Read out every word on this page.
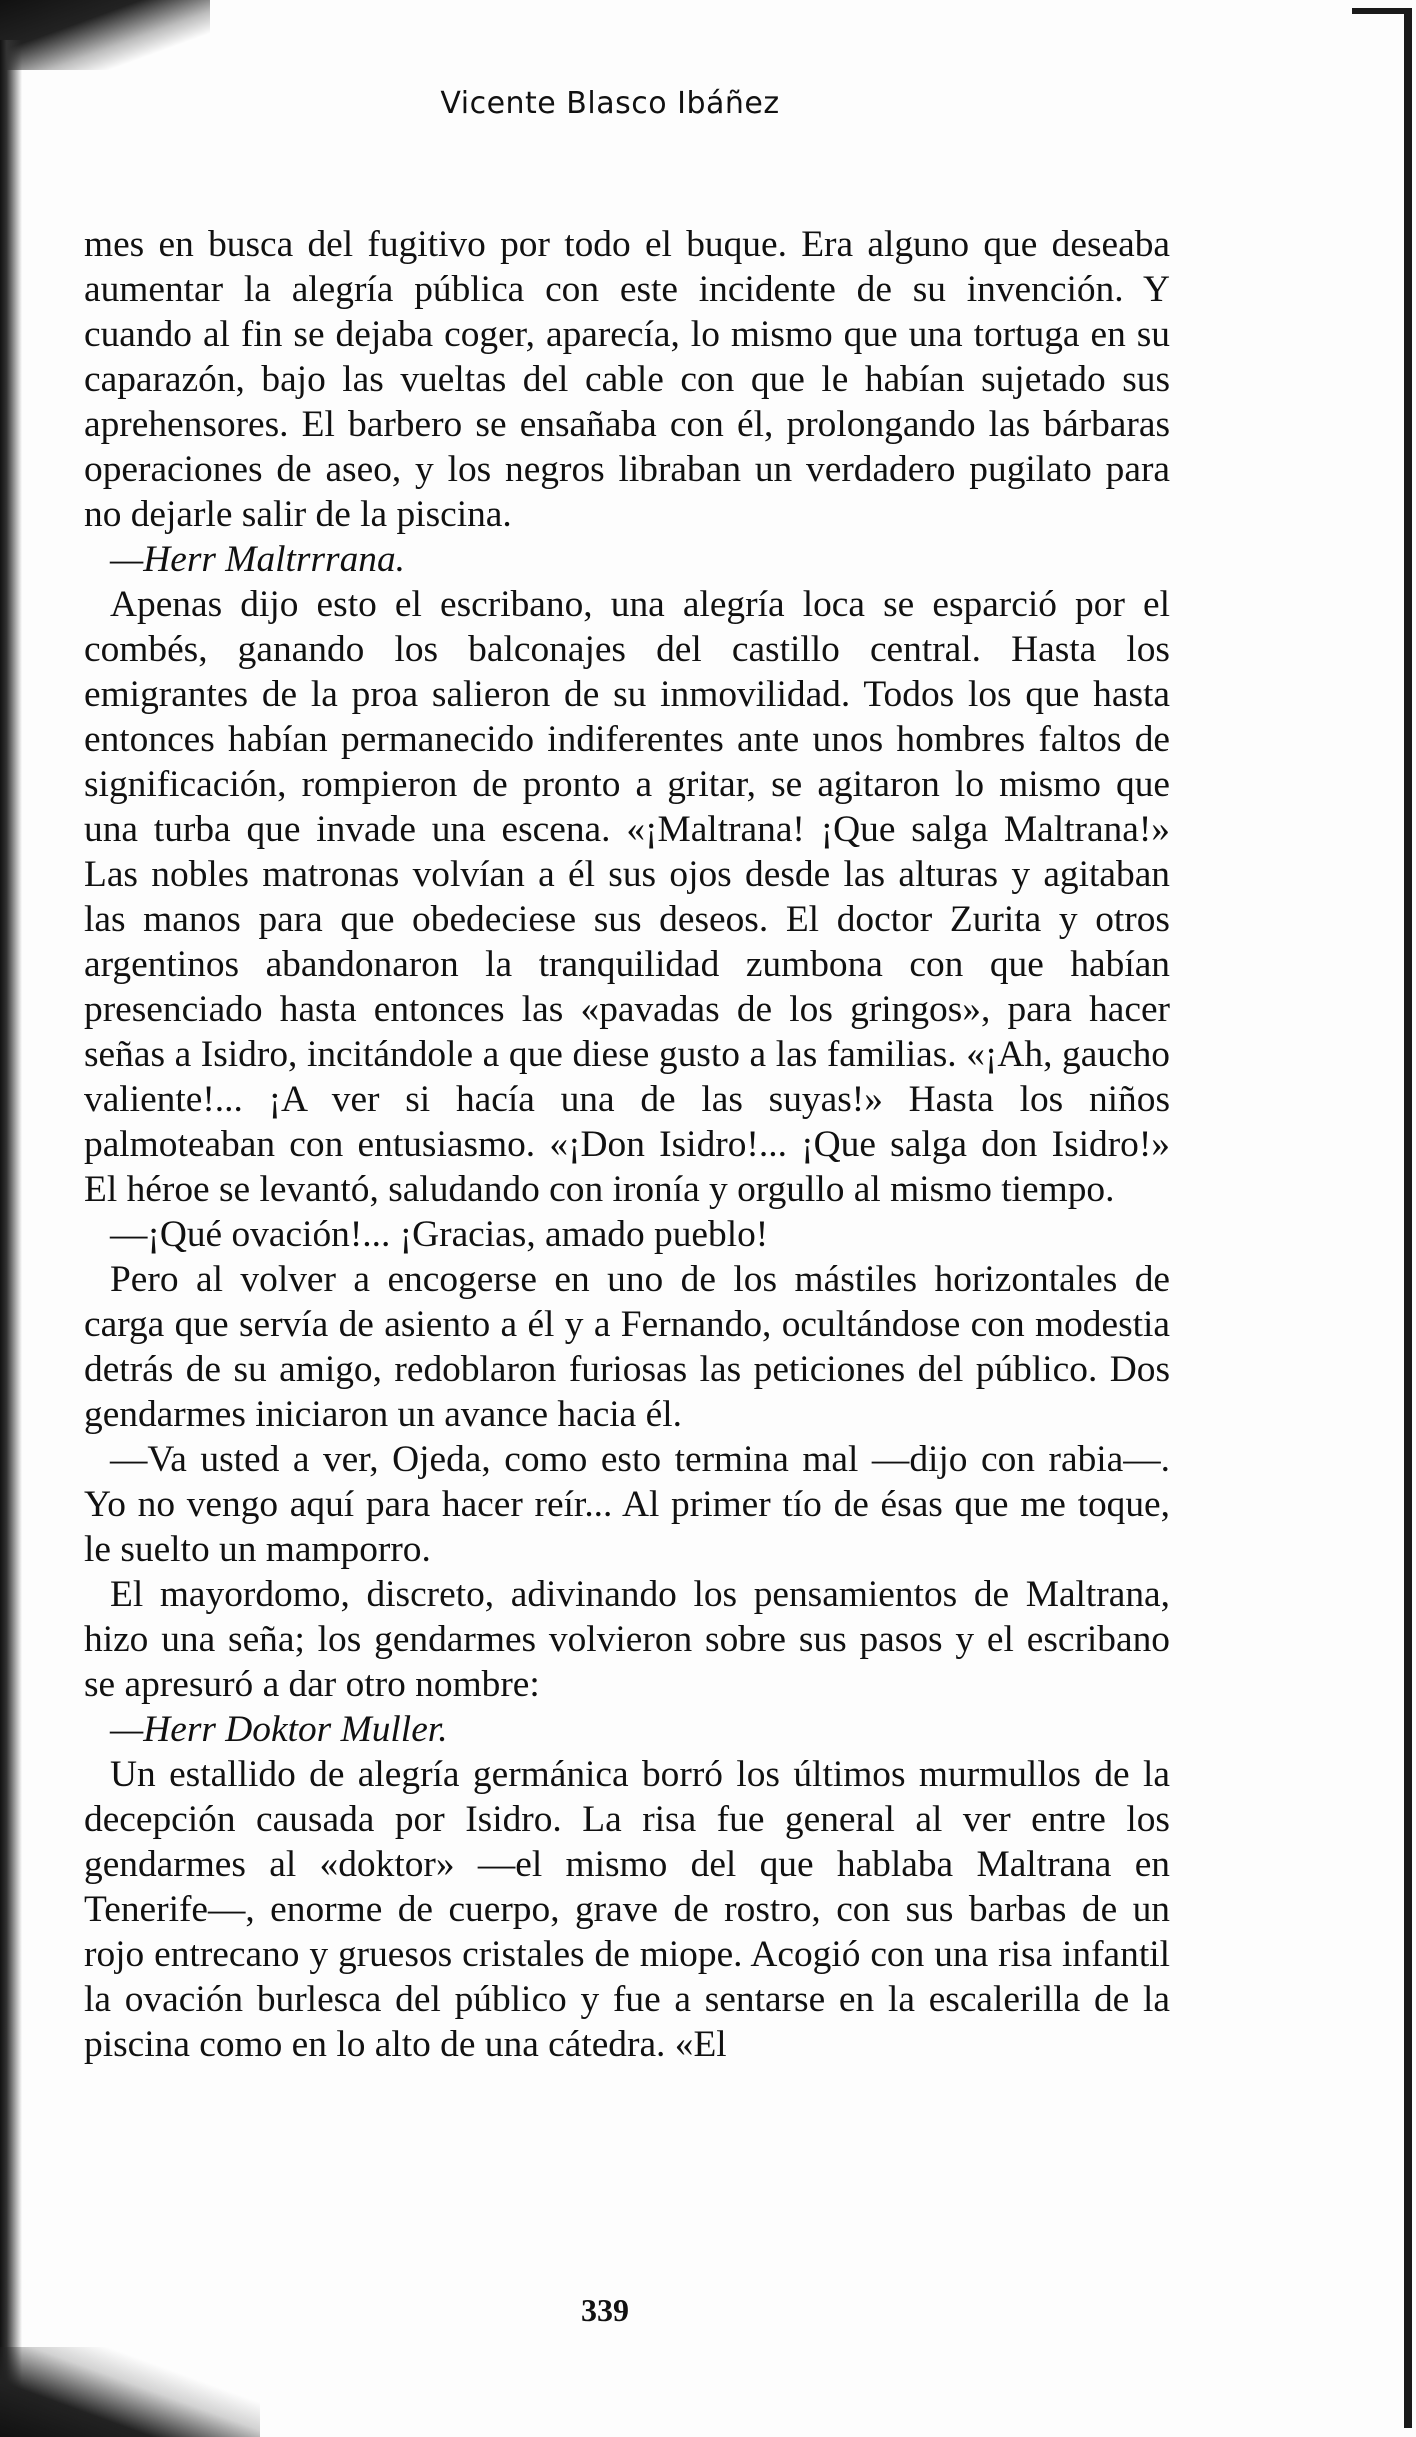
Vicente Blasco Ibáñez

mes en busca del fugitivo por todo el buque. Era alguno que deseaba aumentar la alegría pública con este incidente de su invención. Y cuando al fin se dejaba coger, aparecía, lo mismo que una tortuga en su caparazón, bajo las vueltas del cable con que le habían sujetado sus aprehensores. El barbero se ensañaba con él, prolongando las bárbaras operaciones de aseo, y los negros libraban un verdadero pugilato para no dejarle salir de la piscina.

—Herr Maltrrrana.

Apenas dijo esto el escribano, una alegría loca se esparció por el combés, ganando los balconajes del castillo central. Hasta los emigrantes de la proa salieron de su inmovilidad. Todos los que hasta entonces habían permanecido indiferentes ante unos hombres faltos de significación, rompieron de pronto a gritar, se agitaron lo mismo que una turba que invade una escena. «¡Maltrana! ¡Que salga Maltrana!» Las nobles matronas volvían a él sus ojos desde las alturas y agitaban las manos para que obedeciese sus deseos. El doctor Zurita y otros argentinos abandonaron la tranquilidad zumbona con que habían presenciado hasta entonces las «pavadas de los gringos», para hacer señas a Isidro, incitándole a que diese gusto a las familias. «¡Ah, gaucho valiente!... ¡A ver si hacía una de las suyas!» Hasta los niños palmoteaban con entusiasmo. «¡Don Isidro!... ¡Que salga don Isidro!» El héroe se levantó, saludando con ironía y orgullo al mismo tiempo.

—¡Qué ovación!... ¡Gracias, amado pueblo!

Pero al volver a encogerse en uno de los mástiles horizontales de carga que servía de asiento a él y a Fernando, ocultándose con modestia detrás de su amigo, redoblaron furiosas las peticiones del público. Dos gendarmes iniciaron un avance hacia él.

—Va usted a ver, Ojeda, como esto termina mal —dijo con rabia—. Yo no vengo aquí para hacer reír... Al primer tío de ésas que me toque, le suelto un mamporro.

El mayordomo, discreto, adivinando los pensamientos de Maltrana, hizo una seña; los gendarmes volvieron sobre sus pasos y el escribano se apresuró a dar otro nombre:

—Herr Doktor Muller.

Un estallido de alegría germánica borró los últimos murmullos de la decepción causada por Isidro. La risa fue general al ver entre los gendarmes al «doktor» —el mismo del que hablaba Maltrana en Tenerife—, enorme de cuerpo, grave de rostro, con sus barbas de un rojo entrecano y gruesos cristales de miope. Acogió con una risa infantil la ovación burlesca del público y fue a sentarse en la escalerilla de la piscina como en lo alto de una cátedra. «El

339
